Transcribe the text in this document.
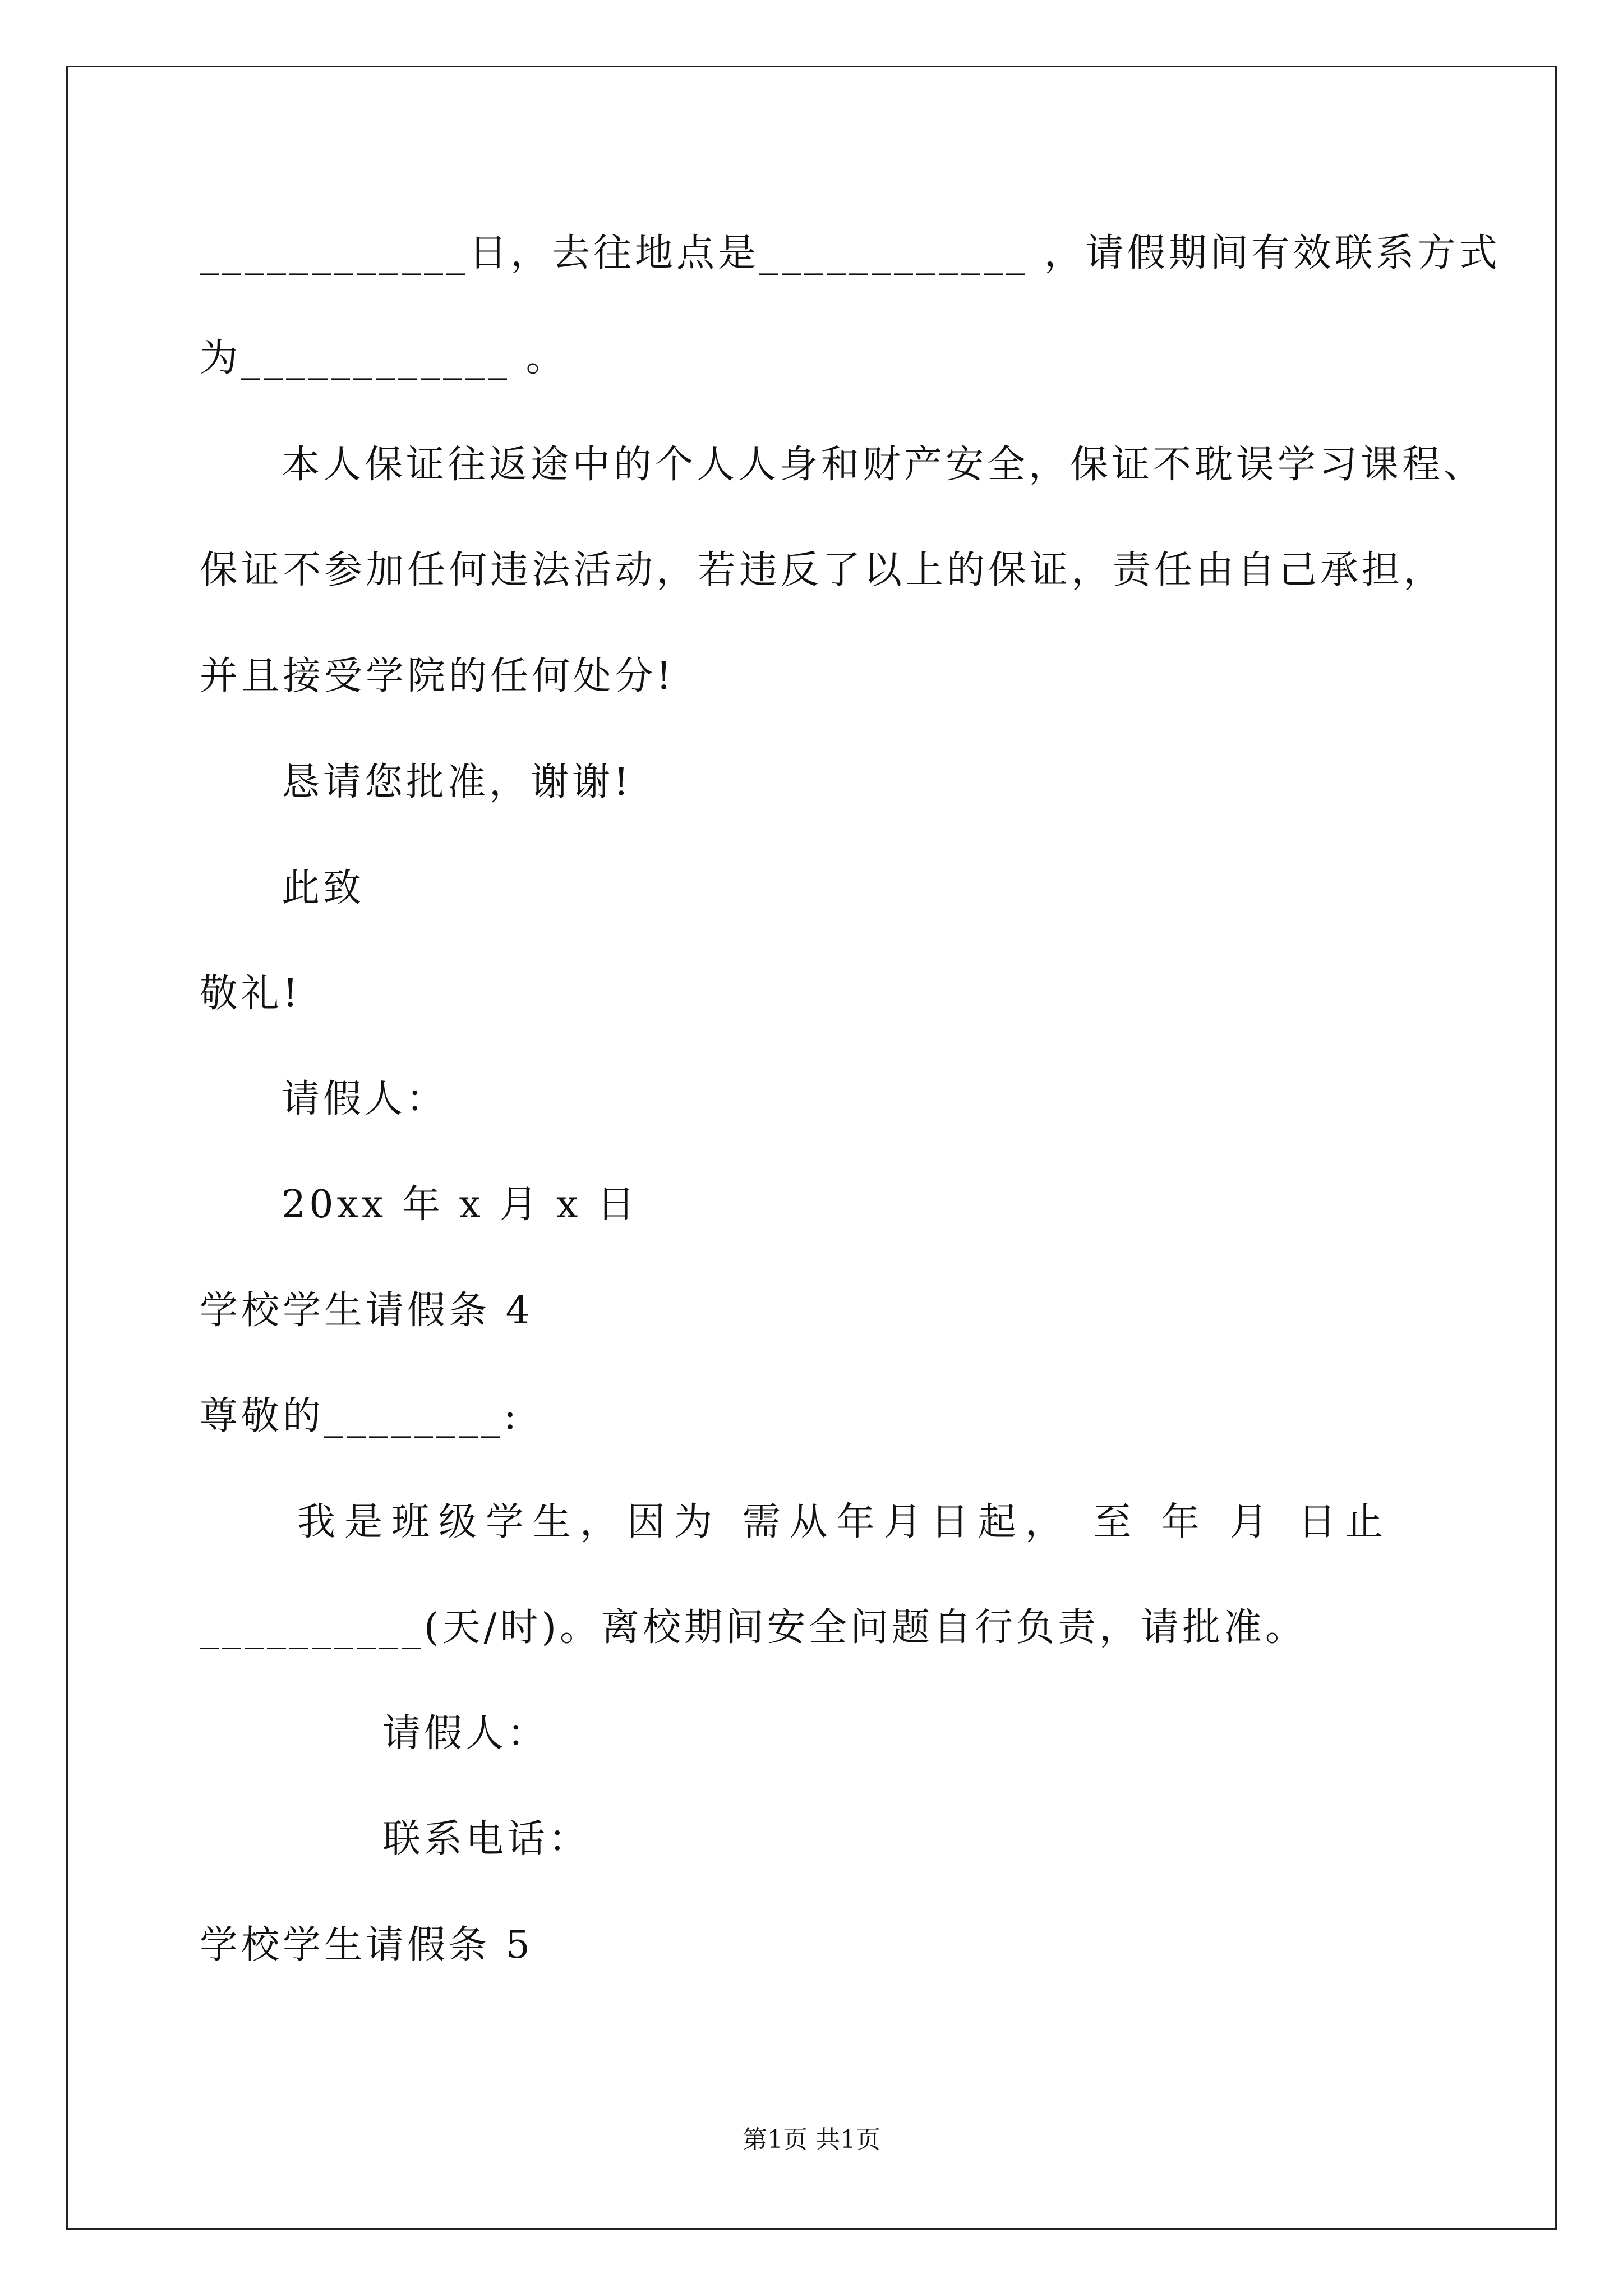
____________日，去往地点是____________ ，请假期间有效联系方式
为____________ 。
本人保证往返途中的个人人身和财产安全，保证不耽误学习课程、
保证不参加任何违法活动，若违反了以上的保证，责任由自己承担，
并且接受学院的任何处分!
恳请您批准，谢谢!
此致
敬礼!
请假人：
20xx 年 x 月 x 日
学校学生请假条 4
尊敬的________:
我是班级学生，因为 需从年月日起， 至 年 月 日止
__________(天/时)。离校期间安全问题自行负责，请批准。
请假人：
联系电话：
学校学生请假条 5
第1页 共1页
